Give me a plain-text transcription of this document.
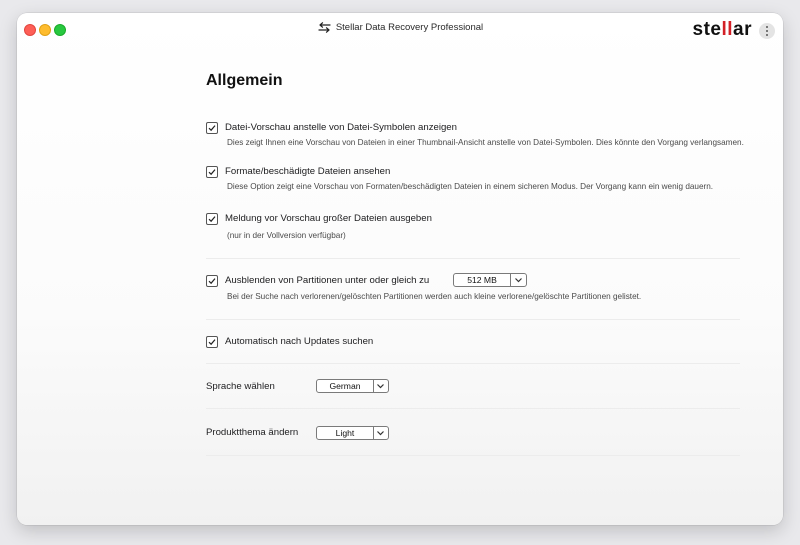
Stellar Data Recovery Professional	stellar
Allgemein
Datei-Vorschau anstelle von Datei-Symbolen anzeigen
Dies zeigt Ihnen eine Vorschau von Dateien in einer Thumbnail-Ansicht anstelle von Datei-Symbolen. Dies könnte den Vorgang verlangsamen.
Formate/beschädigte Dateien ansehen
Diese Option zeigt eine Vorschau von Formaten/beschädigten Dateien in einem sicheren Modus. Der Vorgang kann ein wenig dauern.
Meldung vor Vorschau großer Dateien ausgeben
(nur in der Vollversion verfügbar)
Ausblenden von Partitionen unter oder gleich zu	512 MB
Bei der Suche nach verlorenen/gelöschten Partitionen werden auch kleine verlorene/gelöschte Partitionen gelistet.
Automatisch nach Updates suchen
Sprache wählen	German
Produktthema ändern	Light
